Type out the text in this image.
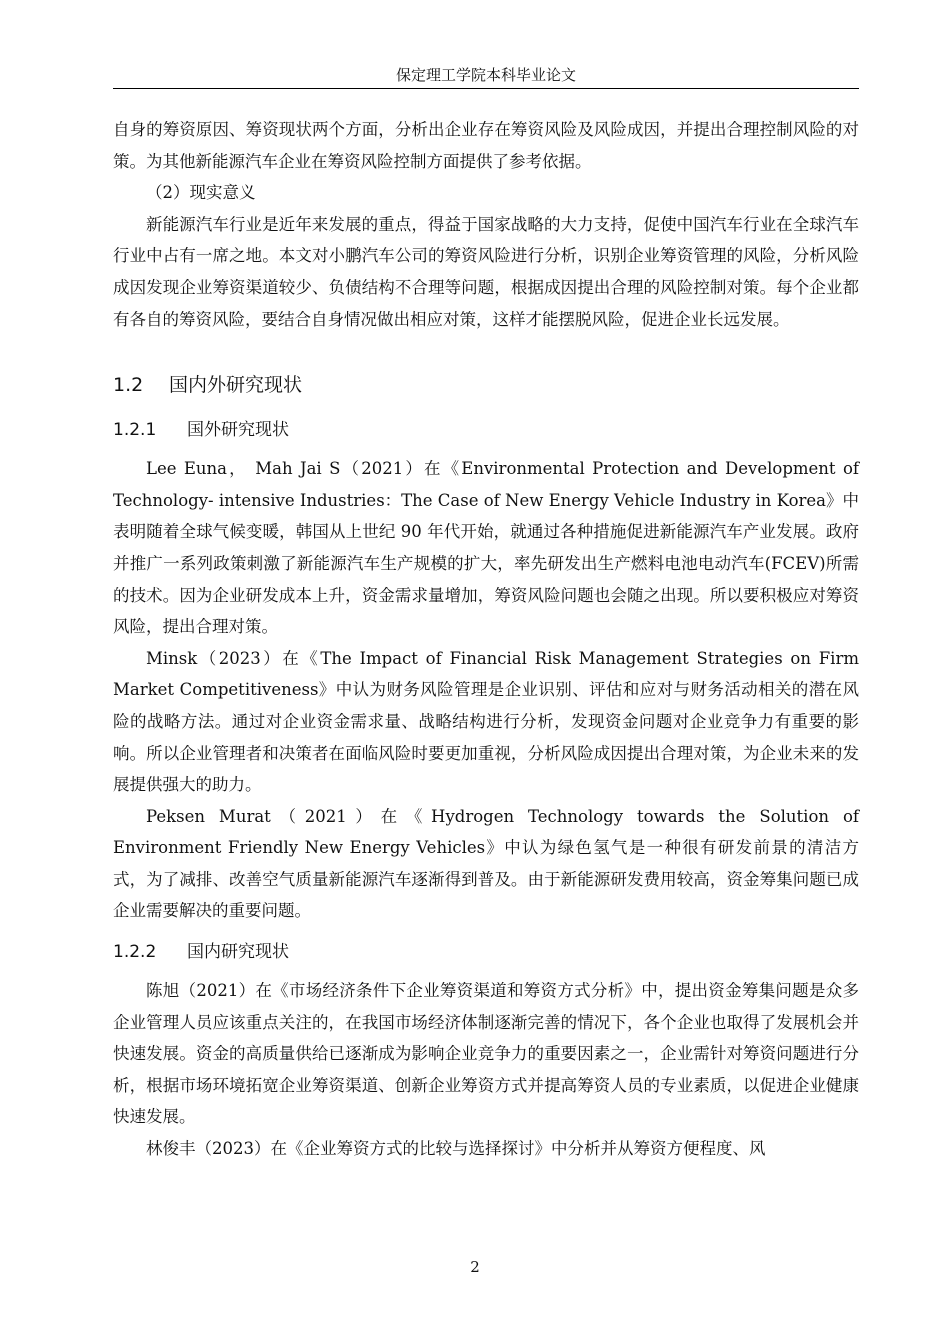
保定理工学院本科毕业论文

自身的筹资原因、筹资现状两个方面，分析出企业存在筹资风险及风险成因，并提出合理控制风险的对策。为其他新能源汽车企业在筹资风险控制方面提供了参考依据。

（2）现实意义

新能源汽车行业是近年来发展的重点，得益于国家战略的大力支持，促使中国汽车行业在全球汽车行业中占有一席之地。本文对小鹏汽车公司的筹资风险进行分析，识别企业筹资管理的风险，分析风险成因发现企业筹资渠道较少、负债结构不合理等问题，根据成因提出合理的风险控制对策。每个企业都有各自的筹资风险，要结合自身情况做出相应对策，这样才能摆脱风险，促进企业长远发展。

1.2 国内外研究现状
1.2.1 国外研究现状

Lee Euna， Mah Jai S（2021）在《Environmental Protection and Development of Technology- intensive Industries：The Case of New Energy Vehicle Industry in Korea》中表明随着全球气候变暖，韩国从上世纪 90 年代开始，就通过各种措施促进新能源汽车产业发展。政府并推广一系列政策刺激了新能源汽车生产规模的扩大，率先研发出生产燃料电池电动汽车(FCEV)所需的技术。因为企业研发成本上升，资金需求量增加，筹资风险问题也会随之出现。所以要积极应对筹资风险，提出合理对策。

Minsk（2023）在《The Impact of Financial Risk Management Strategies on Firm Market Competitiveness》中认为财务风险管理是企业识别、评估和应对与财务活动相关的潜在风险的战略方法。通过对企业资金需求量、战略结构进行分析，发现资金问题对企业竞争力有重要的影响。所以企业管理者和决策者在面临风险时要更加重视，分析风险成因提出合理对策，为企业未来的发展提供强大的助力。

Peksen Murat（2021）在《Hydrogen Technology towards the Solution of Environment Friendly New Energy Vehicles》中认为绿色氢气是一种很有研发前景的清洁方式，为了减排、改善空气质量新能源汽车逐渐得到普及。由于新能源研发费用较高，资金筹集问题已成企业需要解决的重要问题。

1.2.2 国内研究现状

陈旭（2021）在《市场经济条件下企业筹资渠道和筹资方式分析》中，提出资金筹集问题是众多企业管理人员应该重点关注的，在我国市场经济体制逐渐完善的情况下，各个企业也取得了发展机会并快速发展。资金的高质量供给已逐渐成为影响企业竞争力的重要因素之一，企业需针对筹资问题进行分析，根据市场环境拓宽企业筹资渠道、创新企业筹资方式并提高筹资人员的专业素质，以促进企业健康快速发展。

林俊丰（2023）在《企业筹资方式的比较与选择探讨》中分析并从筹资方便程度、风

2
